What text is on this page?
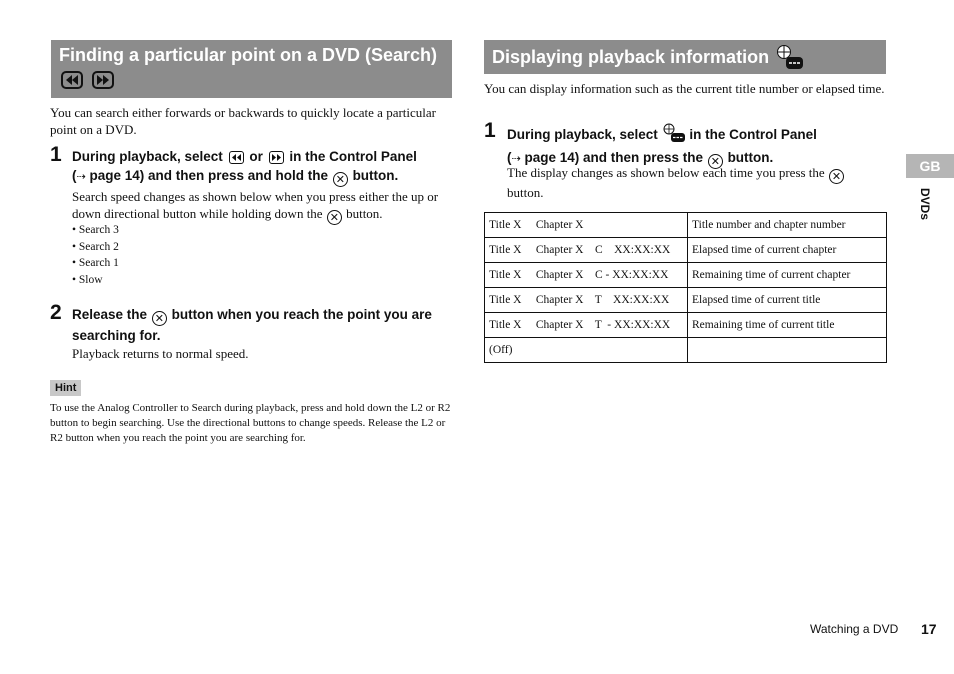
Finding a particular point on a DVD (Search)

You can search either forwards or backwards to quickly locate a particular point on a DVD.
1 During playback, select or in the Control Panel
(⇢ page 14) and then press and hold the ✕ button.
Search speed changes as shown below when you press either the up or down directional button while holding down the ✕ button.
• Search 3
• Search 2
• Search 1
• Slow
2 Release the ✕ button when you reach the point you are searching for.
Playback returns to normal speed.
Hint
To use the Analog Controller to Search during playback, press and hold down the L2 or R2 button to begin searching. Use the directional buttons to change speeds. Release the L2 or R2 button when you reach the point you are searching for.
Displaying playback information
You can display information such as the current title number or elapsed time.
1 During playback, select in the Control Panel
(⇢ page 14) and then press the ✕ button.
The display changes as shown below each time you press the ✕ button.
Title X     Chapter X	Title number and chapter number
Title X     Chapter X    C    XX:XX:XX	Elapsed time of current chapter
Title X     Chapter X    C - XX:XX:XX	Remaining time of current chapter
Title X     Chapter X    T    XX:XX:XX	Elapsed time of current title
Title X     Chapter X    T  - XX:XX:XX	Remaining time of current title
(Off)	
GB
DVDs
Watching a DVD 17
